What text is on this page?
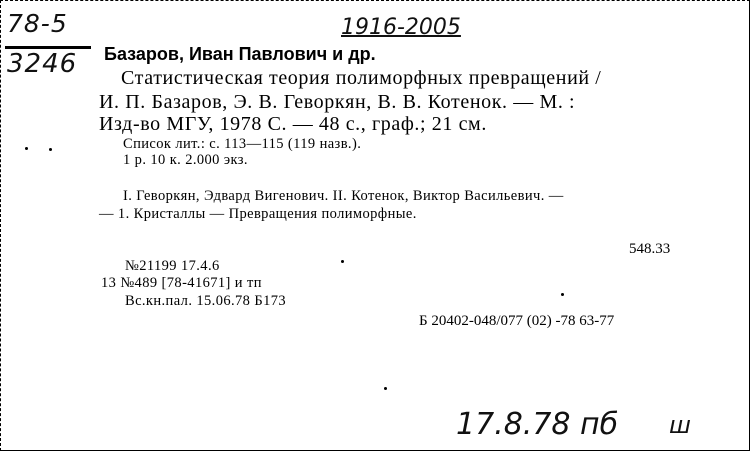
78-5
3246
1916-2005
Базаров, Иван Павлович и др.
Статистическая теория полиморфных превращений /
И. П. Базаров, Э. В. Геворкян, В. В. Котенок. — М. :
Изд-во МГУ, 1978 С. — 48 с., граф.; 21 см.
Список лит.: с. 113—115 (119 назв.).
1 р. 10 к. 2.000 экз.
I. Геворкян, Эдвард Вигенович. II. Котенок, Виктор Васильевич. —
— 1. Кристаллы — Превращения полиморфные.
548.33
№21199 17.4.6
13 №489 [78-41671] и тп
Вс.кн.пал. 15.06.78 Б173
Б 20402-048/077 (02) -78 63-77
17.8.78 пб ш
